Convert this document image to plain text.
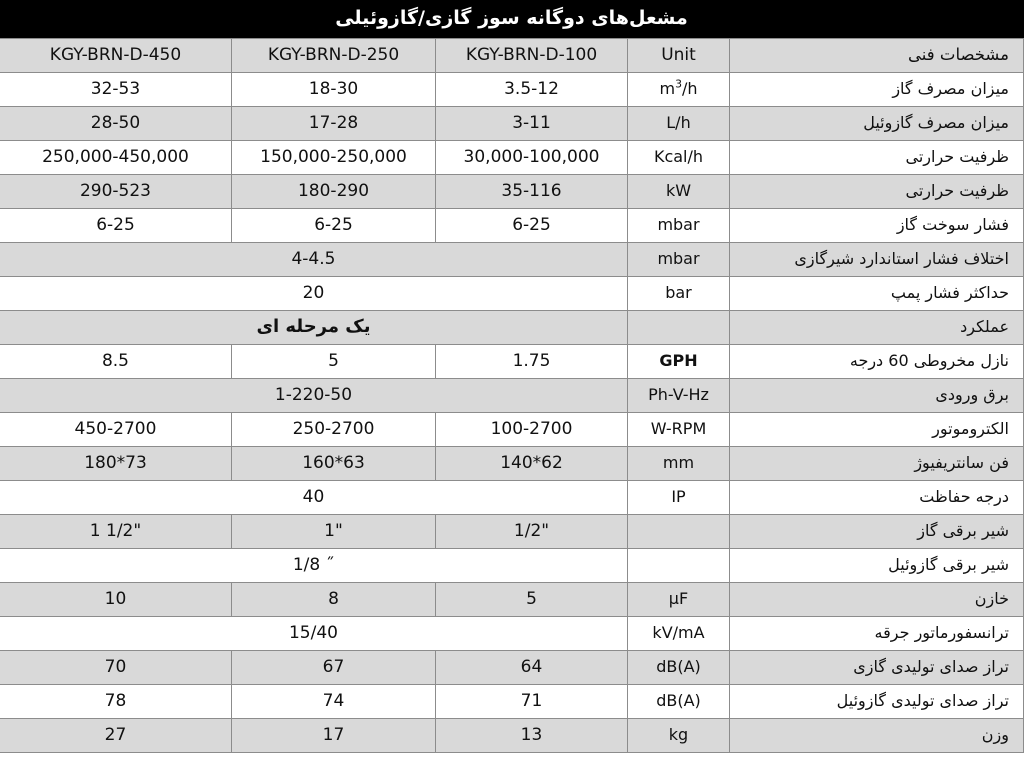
مشعل‌های دوگانه سوز گازی/گازوئیلی				
مشخصات فنی	Unit	KGY-BRN-D-100	KGY-BRN-D-250	KGY-BRN-D-450
میزان مصرف گاز	$m^3/h$	3.5-12	18-30	32-53
میزان مصرف گازوئیل	L/h	3-11	17-28	28-50
ظرفیت حرارتی	Kcal/h	30,000-100,000	150,000-250,000	250,000-450,000
ظرفیت حرارتی	kW	35-116	180-290	290-523
فشار سوخت گاز	mbar	6-25	6-25	6-25
اختلاف فشار استاندارد شیرگازی	mbar	4-4.5		
حداکثر فشار پمپ	bar	20		
عملکرد		یک مرحله ای		
نازل مخروطی 60 درجه	GPH	1.75	5	8.5
برق ورودی	Ph-V-Hz	1-220-50		
الکتروموتور	W-RPM	100-2700	250-2700	450-2700
فن سانتریفیوژ	mm	140*62	160*63	180*73
درجه حفاظت	IP	40		
شیر برقی گاز		1/2"	1"	1 1/2"
شیر برقی گازوئیل		1/8 ˝		
خازن	μF	5	8	10
ترانسفورماتور جرقه	kV/mA	15/40		
تراز صدای تولیدی گازی	dB(A)	64	67	70
تراز صدای تولیدی گازوئیل	dB(A)	71	74	78
وزن	kg	13	17	27
